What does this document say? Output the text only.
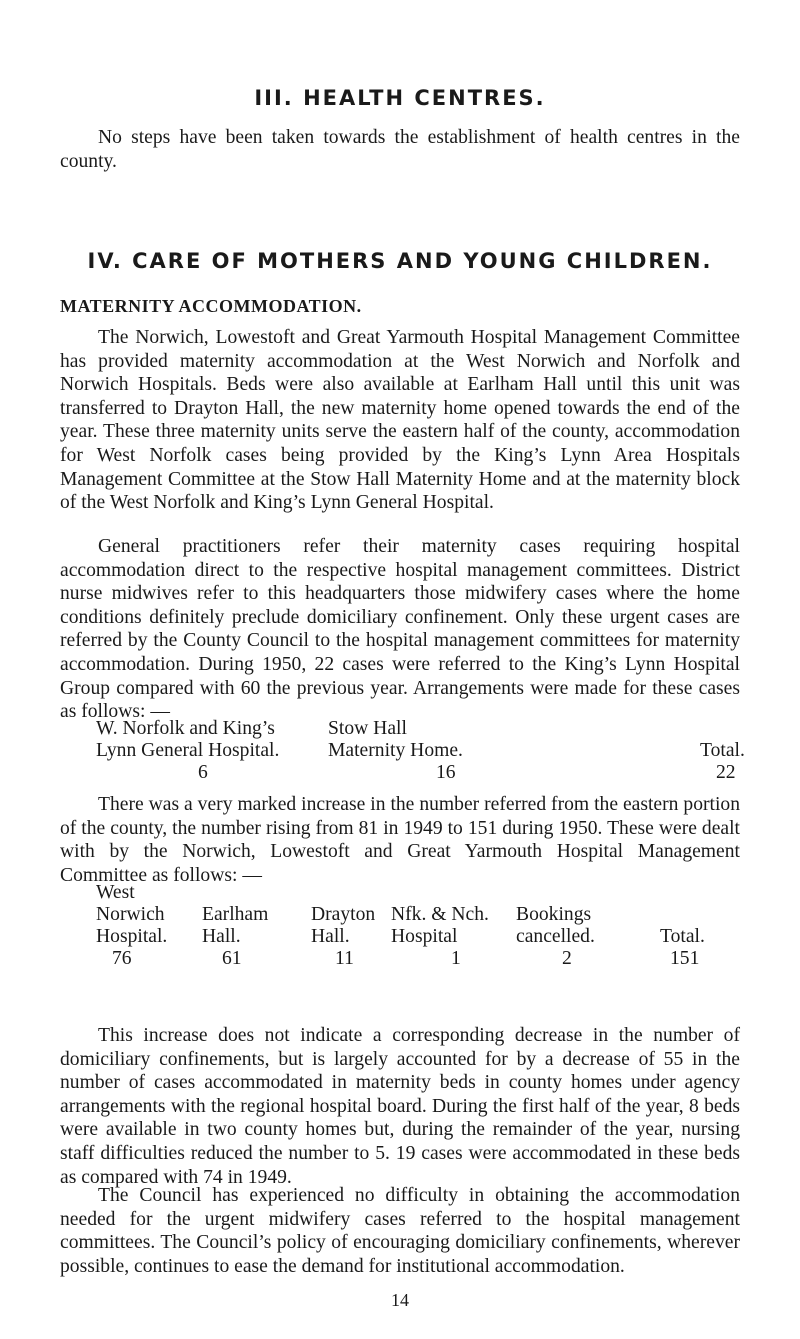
III. HEALTH CENTRES.

No steps have been taken towards the establishment of health centres in the county.

IV. CARE OF MOTHERS AND YOUNG CHILDREN.
MATERNITY ACCOMMODATION.

The Norwich, Lowestoft and Great Yarmouth Hospital Management Committee has provided maternity accommodation at the West Norwich and Norfolk and Norwich Hospitals. Beds were also available at Earlham Hall until this unit was transferred to Drayton Hall, the new maternity home opened towards the end of the year. These three maternity units serve the eastern half of the county, accommodation for West Norfolk cases being provided by the King’s Lynn Area Hospitals Management Committee at the Stow Hall Maternity Home and at the maternity block of the West Norfolk and King’s Lynn General Hospital.

General practitioners refer their maternity cases requiring hospital accommodation direct to the respective hospital management committees. District nurse midwives refer to this headquarters those midwifery cases where the home conditions definitely preclude domiciliary confinement. Only these urgent cases are referred by the County Council to the hospital management committees for maternity accommodation. During 1950, 22 cases were referred to the King’s Lynn Hospital Group compared with 60 the previous year. Arrangements were made for these cases as follows: —

W. Norfolk and King’s	Stow Hall	
Lynn General Hospital.	Maternity Home.	Total.
6	16	22

There was a very marked increase in the number referred from the eastern portion of the county, the number rising from 81 in 1949 to 151 during 1950. These were dealt with by the Norwich, Lowestoft and Great Yarmouth Hospital Management Committee as follows: —

West					
Norwich	Earlham	Drayton	Nfk. & Nch.	Bookings	
Hospital.	Hall.	Hall.	Hospital	cancelled.	Total.
76	61	11	1	2	151

This increase does not indicate a corresponding decrease in the number of domiciliary confinements, but is largely accounted for by a decrease of 55 in the number of cases accommodated in maternity beds in county homes under agency arrangements with the regional hospital board. During the first half of the year, 8 beds were available in two county homes but, during the remainder of the year, nursing staff difficulties reduced the number to 5. 19 cases were accommodated in these beds as compared with 74 in 1949.

The Council has experienced no difficulty in obtaining the accommodation needed for the urgent midwifery cases referred to the hospital management committees. The Council’s policy of encouraging domiciliary confinements, wherever possible, continues to ease the demand for institutional accommodation.

14
